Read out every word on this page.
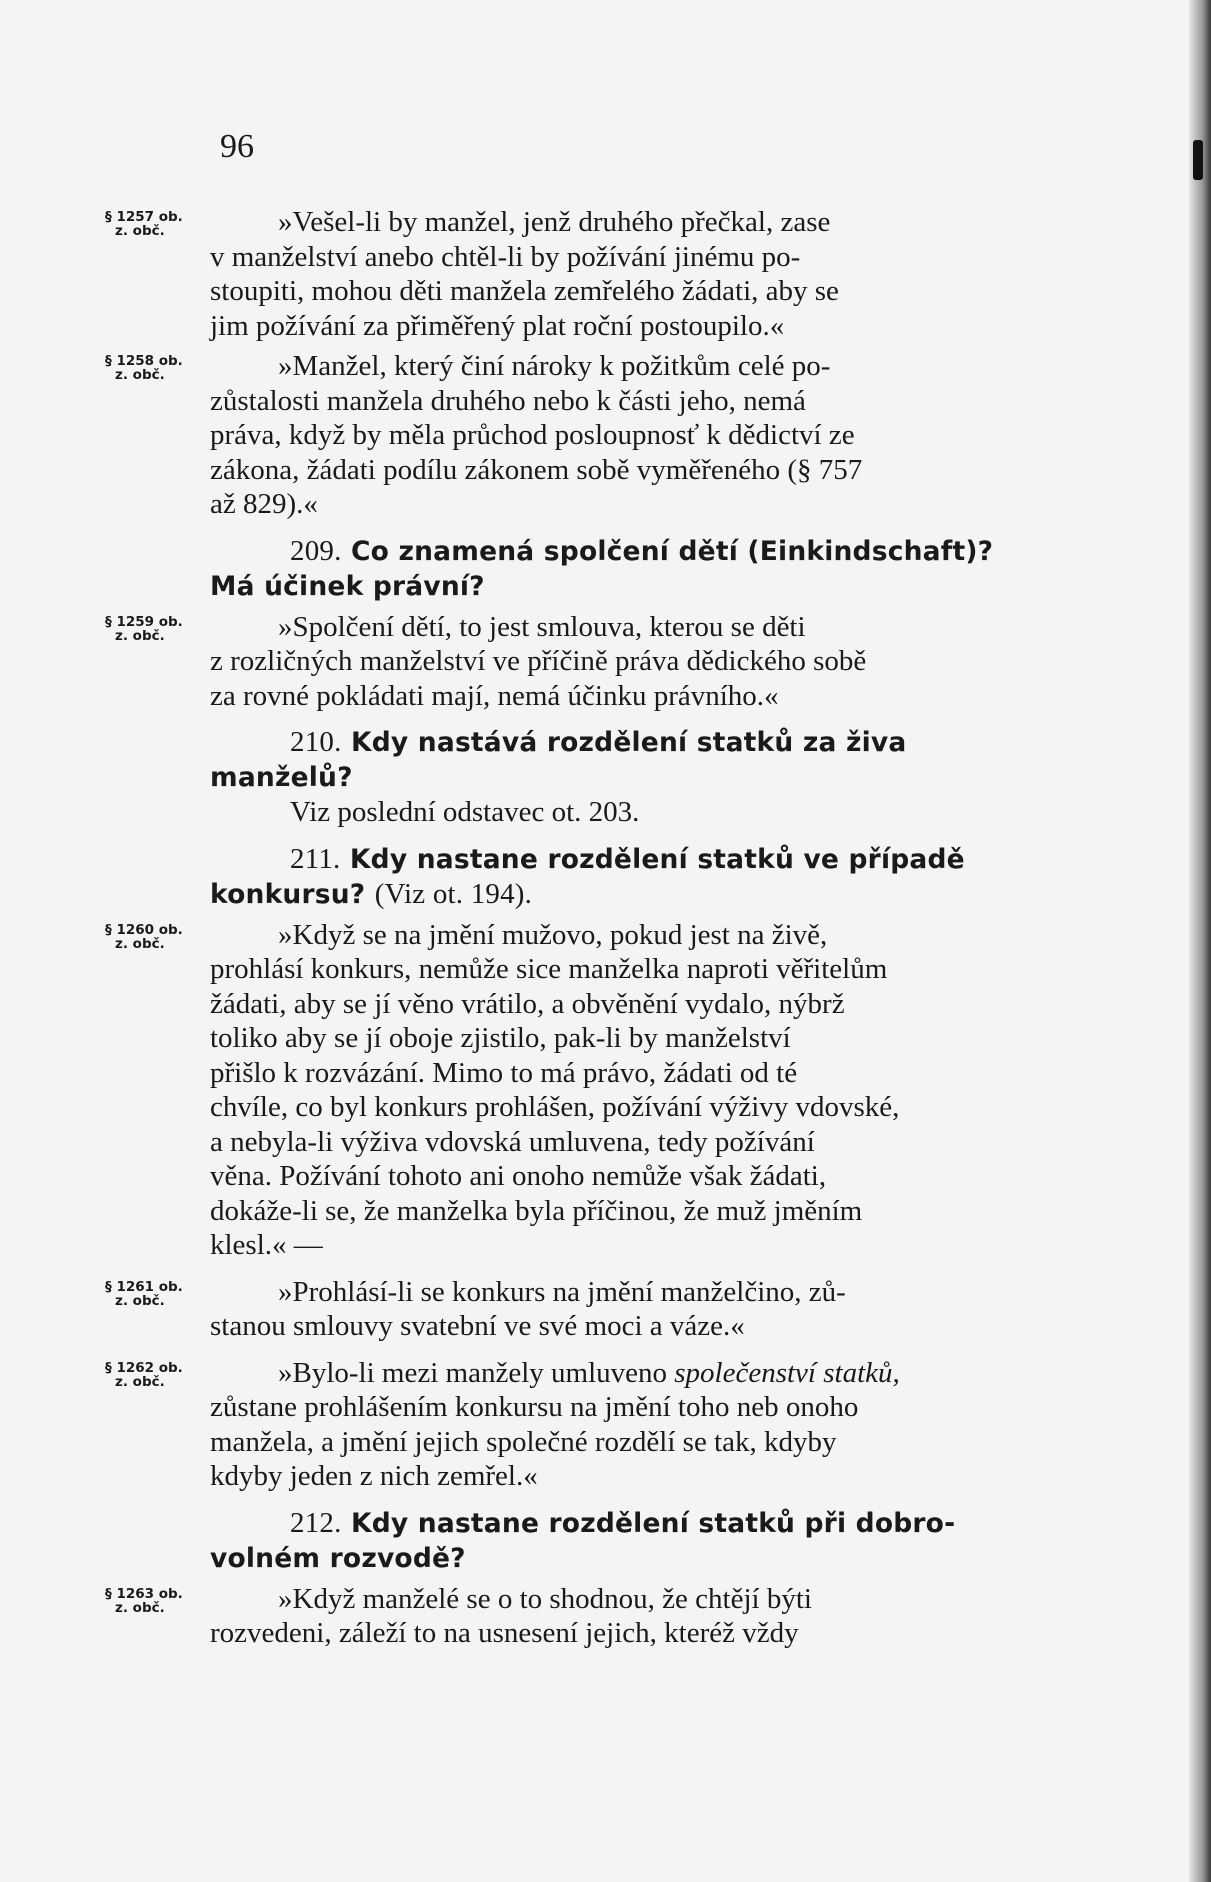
96
§ 1257 ob.
z. obč.	»Vešel-li by manžel, jenž druhého přečkal, zase
v manželství anebo chtěl-li by požívání jinému po-
stoupiti, mohou děti manžela zemřelého žádati, aby se
jim požívání za přiměřený plat roční postoupilo.«

§ 1258 ob.
z. obč.	»Manžel, který činí nároky k požitkům celé po-
zůstalosti manžela druhého nebo k části jeho, nemá
práva, když by měla průchod posloupnosť k dědictví ze
zákona, žádati podílu zákonem sobě vyměřeného (§ 757
až 829).«

209. Co znamená spolčení dětí (Einkindschaft)?
Má účinek právní?

§ 1259 ob.
z. obč.	»Spolčení dětí, to jest smlouva, kterou se děti
z rozličných manželství ve příčině práva dědického sobě
za rovné pokládati mají, nemá účinku právního.«

210. Kdy nastává rozdělení statků za živa
manželů?

Viz poslední odstavec ot. 203.

211. Kdy nastane rozdělení statků ve případě
konkursu? (Viz ot. 194).

§ 1260 ob.
z. obč.	»Když se na jmění mužovo, pokud jest na živě,
prohlásí konkurs, nemůže sice manželka naproti věřitelům
žádati, aby se jí věno vrátilo, a obvěnění vydalo, nýbrž
toliko aby se jí oboje zjistilo, pak-li by manželství
přišlo k rozvázání. Mimo to má právo, žádati od té
chvíle, co byl konkurs prohlášen, požívání výživy vdovské,
a nebyla-li výživa vdovská umluvena, tedy požívání
věna. Požívání tohoto ani onoho nemůže však žádati,
dokáže-li se, že manželka byla příčinou, že muž jměním
klesl.« —

§ 1261 ob.
z. obč.	»Prohlásí-li se konkurs na jmění manželčino, zů-
stanou smlouvy svatební ve své moci a váze.«

§ 1262 ob.
z. obč.	»Bylo-li mezi manžely umluveno společenství statků,
zůstane prohlášením konkursu na jmění toho neb onoho
manžela, a jmění jejich společné rozdělí se tak, kdyby
kdyby jeden z nich zemřel.«

212. Kdy nastane rozdělení statků při dobro-
volném rozvodě?

§ 1263 ob.
z. obč.	»Když manželé se o to shodnou, že chtějí býti
rozvedeni, záleží to na usnesení jejich, kteréž vždy
